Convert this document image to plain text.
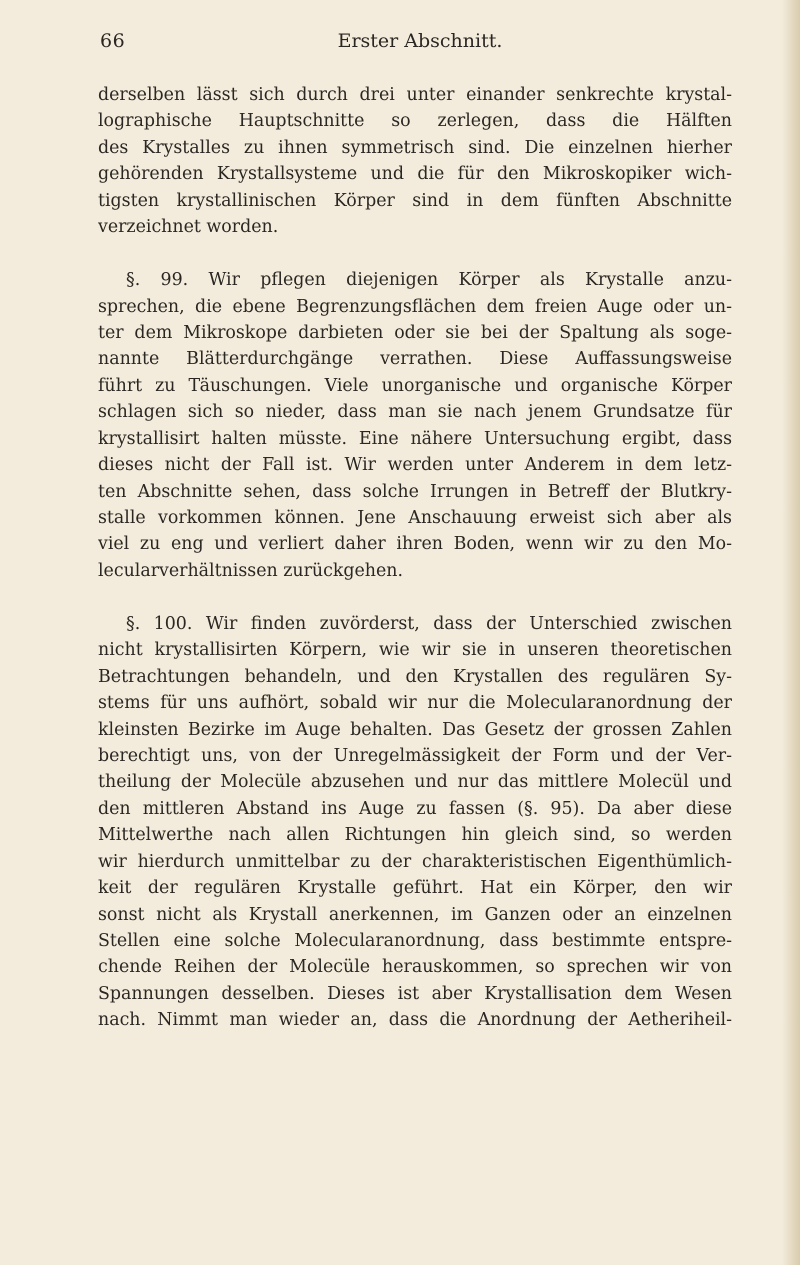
66	Erster Abschnitt.
derselben lässt sich durch drei unter einander senkrechte krystal-
lographische Hauptschnitte so zerlegen, dass die Hälften
des Krystalles zu ihnen symmetrisch sind. Die einzelnen hierher
gehörenden Krystallsysteme und die für den Mikroskopiker wich-
tigsten krystallinischen Körper sind in dem fünften Abschnitte
verzeichnet worden.
§. 99. Wir pflegen diejenigen Körper als Krystalle anzu-
sprechen, die ebene Begrenzungsflächen dem freien Auge oder un-
ter dem Mikroskope darbieten oder sie bei der Spaltung als soge-
nannte Blätterdurchgänge verrathen. Diese Auffassungsweise
führt zu Täuschungen. Viele unorganische und organische Körper
schlagen sich so nieder, dass man sie nach jenem Grundsatze für
krystallisirt halten müsste. Eine nähere Untersuchung ergibt, dass
dieses nicht der Fall ist. Wir werden unter Anderem in dem letz-
ten Abschnitte sehen, dass solche Irrungen in Betreff der Blutkry-
stalle vorkommen können. Jene Anschauung erweist sich aber als
viel zu eng und verliert daher ihren Boden, wenn wir zu den Mo-
lecularverhältnissen zurückgehen.
§. 100. Wir finden zuvörderst, dass der Unterschied zwischen
nicht krystallisirten Körpern, wie wir sie in unseren theoretischen
Betrachtungen behandeln, und den Krystallen des regulären Sy-
stems für uns aufhört, sobald wir nur die Molecularanordnung der
kleinsten Bezirke im Auge behalten. Das Gesetz der grossen Zahlen
berechtigt uns, von der Unregelmässigkeit der Form und der Ver-
theilung der Molecüle abzusehen und nur das mittlere Molecül und
den mittleren Abstand ins Auge zu fassen (§. 95). Da aber diese
Mittelwerthe nach allen Richtungen hin gleich sind, so werden
wir hierdurch unmittelbar zu der charakteristischen Eigenthümlich-
keit der regulären Krystalle geführt. Hat ein Körper, den wir
sonst nicht als Krystall anerkennen, im Ganzen oder an einzelnen
Stellen eine solche Molecularanordnung, dass bestimmte entspre-
chende Reihen der Molecüle herauskommen, so sprechen wir von
Spannungen desselben. Dieses ist aber Krystallisation dem Wesen
nach. Nimmt man wieder an, dass die Anordnung der Aetheriheil-
